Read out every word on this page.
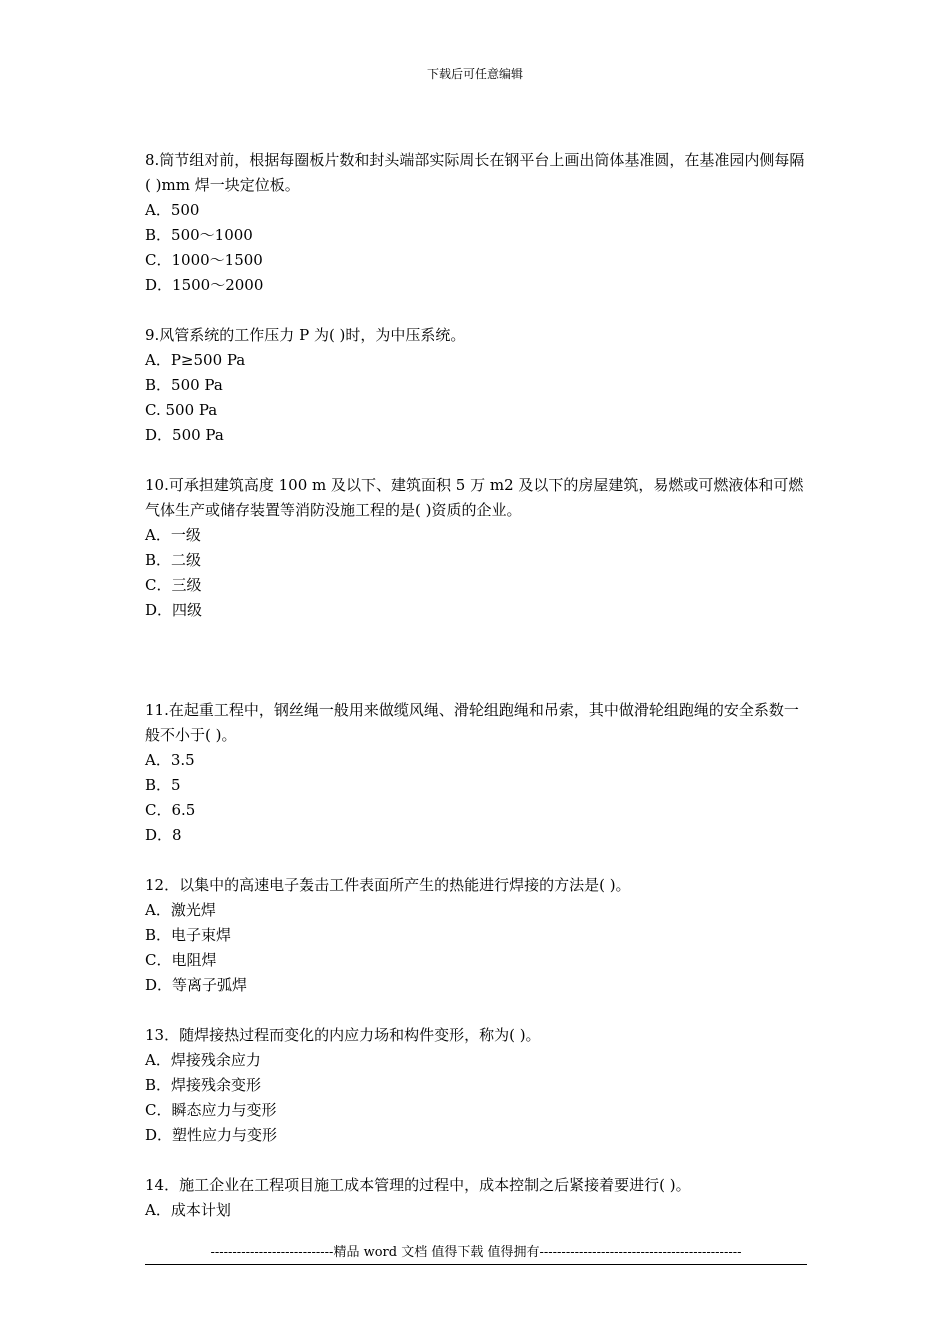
下载后可任意编辑

8.筒节组对前，根据每圈板片数和封头端部实际周长在钢平台上画出筒体基准圆，在基准园内侧每隔( )mm 焊一块定位板。

A．500

B．500～1000

C．1000～1500

D．1500～2000

9.风管系统的工作压力 P 为( )时，为中压系统。

A．P≥500 Pa

B．500 Pa

C. 500 Pa

D．500 Pa

10.可承担建筑高度 100 m 及以下、建筑面积 5 万 m2 及以下的房屋建筑，易燃或可燃液体和可燃气体生产或储存装置等消防没施工程的是( )资质的企业。

A．一级

B．二级

C．三级

D．四级

11.在起重工程中，钢丝绳一般用来做缆风绳、滑轮组跑绳和吊索，其中做滑轮组跑绳的安全系数一般不小于( )。

A．3.5

B．5

C．6.5

D．8

12．以集中的高速电子轰击工件表面所产生的热能进行焊接的方法是( )。

A．激光焊

B．电子束焊

C．电阻焊

D．等离子弧焊

13．随焊接热过程而变化的内应力场和构件变形，称为( )。

A．焊接残余应力

B．焊接残余变形

C．瞬态应力与变形

D．塑性应力与变形

14．施工企业在工程项目施工成本管理的过程中，成本控制之后紧接着要进行( )。

A．成本计划

----------------------------精品 word 文档 值得下载 值得拥有----------------------------------------------
